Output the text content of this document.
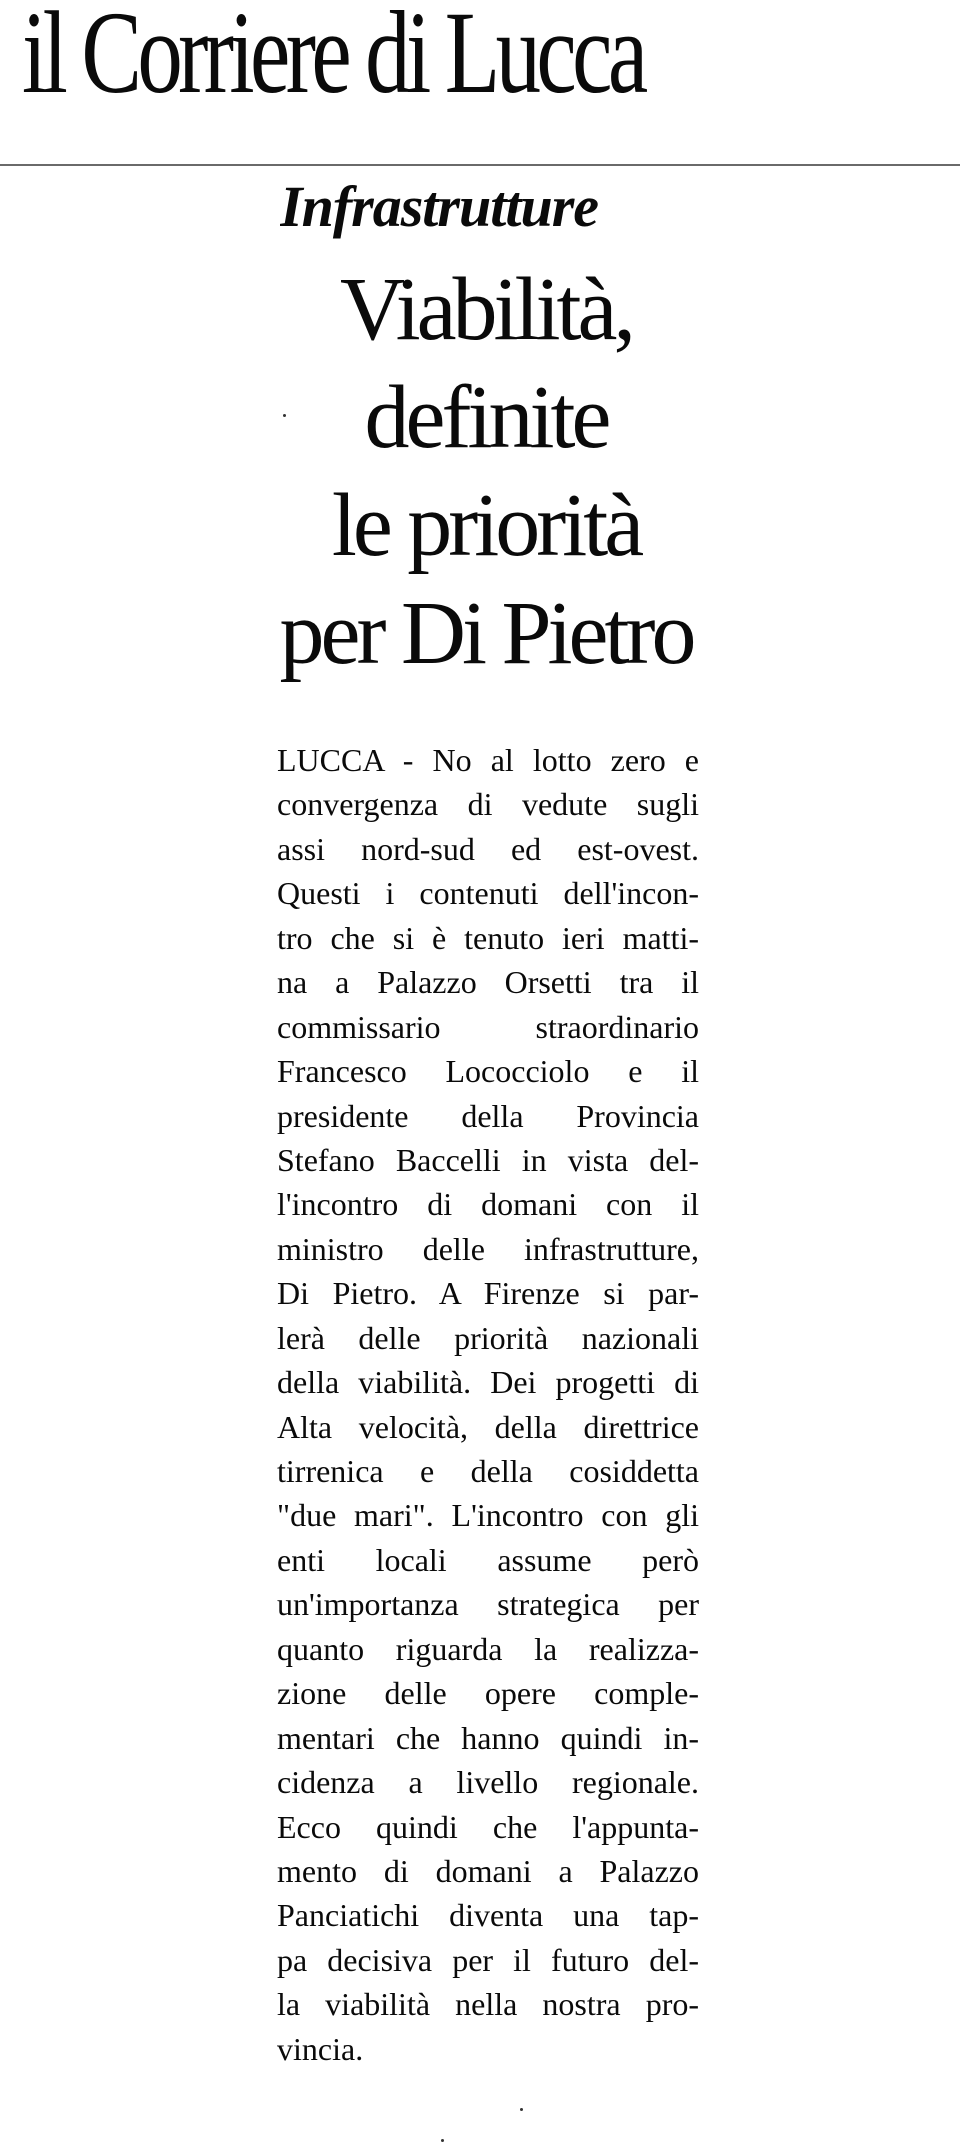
il Corriere di Lucca
Infrastrutture
Viabilità,
definite
le priorità
per Di Pietro
LUCCA - No al lotto zero e
convergenza di vedute sugli
assi nord-sud ed est-ovest.
Questi i contenuti dell'incon-
tro che si è tenuto ieri matti-
na a Palazzo Orsetti tra il
commissario straordinario
Francesco Lococciolo e il
presidente della Provincia
Stefano Baccelli in vista del-
l'incontro di domani con il
ministro delle infrastrutture,
Di Pietro. A Firenze si par-
lerà delle priorità nazionali
della viabilità. Dei progetti di
Alta velocità, della direttrice
tirrenica e della cosiddetta
"due mari". L'incontro con gli
enti locali assume però
un'importanza strategica per
quanto riguarda la realizza-
zione delle opere comple-
mentari che hanno quindi in-
cidenza a livello regionale.
Ecco quindi che l'appunta-
mento di domani a Palazzo
Panciatichi diventa una tap-
pa decisiva per il futuro del-
la viabilità nella nostra pro-
vincia.
